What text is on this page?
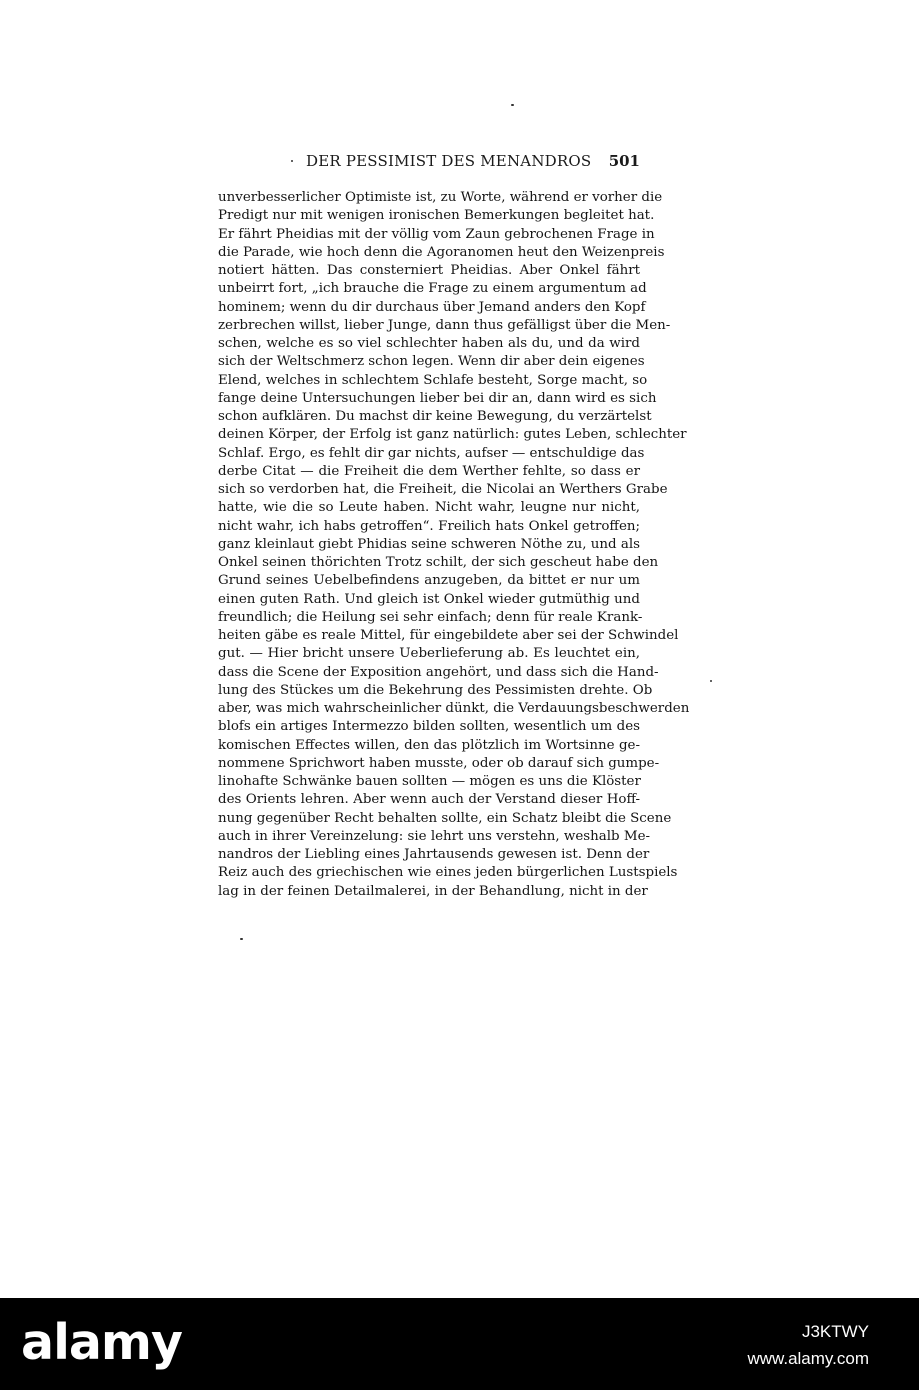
DER PESSIMIST DES MENANDROS 501
unverbesserlicher Optimiste ist, zu Worte, während er vorher die
Predigt nur mit wenigen ironischen Bemerkungen begleitet hat.
Er fährt Pheidias mit der völlig vom Zaun gebrochenen Frage in
die Parade, wie hoch denn die Agoranomen heut den Weizenpreis
notiert hätten. Das consterniert Pheidias. Aber Onkel fährt
unbeirrt fort, „ich brauche die Frage zu einem argumentum ad
hominem; wenn du dir durchaus über Jemand anders den Kopf
zerbrechen willst, lieber Junge, dann thus gefälligst über die Men-
schen, welche es so viel schlechter haben als du, und da wird
sich der Weltschmerz schon legen. Wenn dir aber dein eigenes
Elend, welches in schlechtem Schlafe besteht, Sorge macht, so
fange deine Untersuchungen lieber bei dir an, dann wird es sich
schon aufklären. Du machst dir keine Bewegung, du verzärtelst
deinen Körper, der Erfolg ist ganz natürlich: gutes Leben, schlechter
Schlaf. Ergo, es fehlt dir gar nichts, aufser — entschuldige das
derbe Citat — die Freiheit die dem Werther fehlte, so dass er
sich so verdorben hat, die Freiheit, die Nicolai an Werthers Grabe
hatte, wie die so Leute haben. Nicht wahr, leugne nur nicht,
nicht wahr, ich habs getroffen“. Freilich hats Onkel getroffen;
ganz kleinlaut giebt Phidias seine schweren Nöthe zu, und als
Onkel seinen thörichten Trotz schilt, der sich gescheut habe den
Grund seines Uebelbefindens anzugeben, da bittet er nur um
einen guten Rath. Und gleich ist Onkel wieder gutmüthig und
freundlich; die Heilung sei sehr einfach; denn für reale Krank-
heiten gäbe es reale Mittel, für eingebildete aber sei der Schwindel
gut. — Hier bricht unsere Ueberlieferung ab. Es leuchtet ein,
dass die Scene der Exposition angehört, und dass sich die Hand-
lung des Stückes um die Bekehrung des Pessimisten drehte. Ob
aber, was mich wahrscheinlicher dünkt, die Verdauungsbeschwerden
blofs ein artiges Intermezzo bilden sollten, wesentlich um des
komischen Effectes willen, den das plötzlich im Wortsinne ge-
nommene Sprichwort haben musste, oder ob darauf sich gumpe-
linohafte Schwänke bauen sollten — mögen es uns die Klöster
des Orients lehren. Aber wenn auch der Verstand dieser Hoff-
nung gegenüber Recht behalten sollte, ein Schatz bleibt die Scene
auch in ihrer Vereinzelung: sie lehrt uns verstehn, weshalb Me-
nandros der Liebling eines Jahrtausends gewesen ist. Denn der
Reiz auch des griechischen wie eines jeden bürgerlichen Lustspiels
lag in der feinen Detailmalerei, in der Behandlung, nicht in der
alamy	J3KTWY
www.alamy.com
